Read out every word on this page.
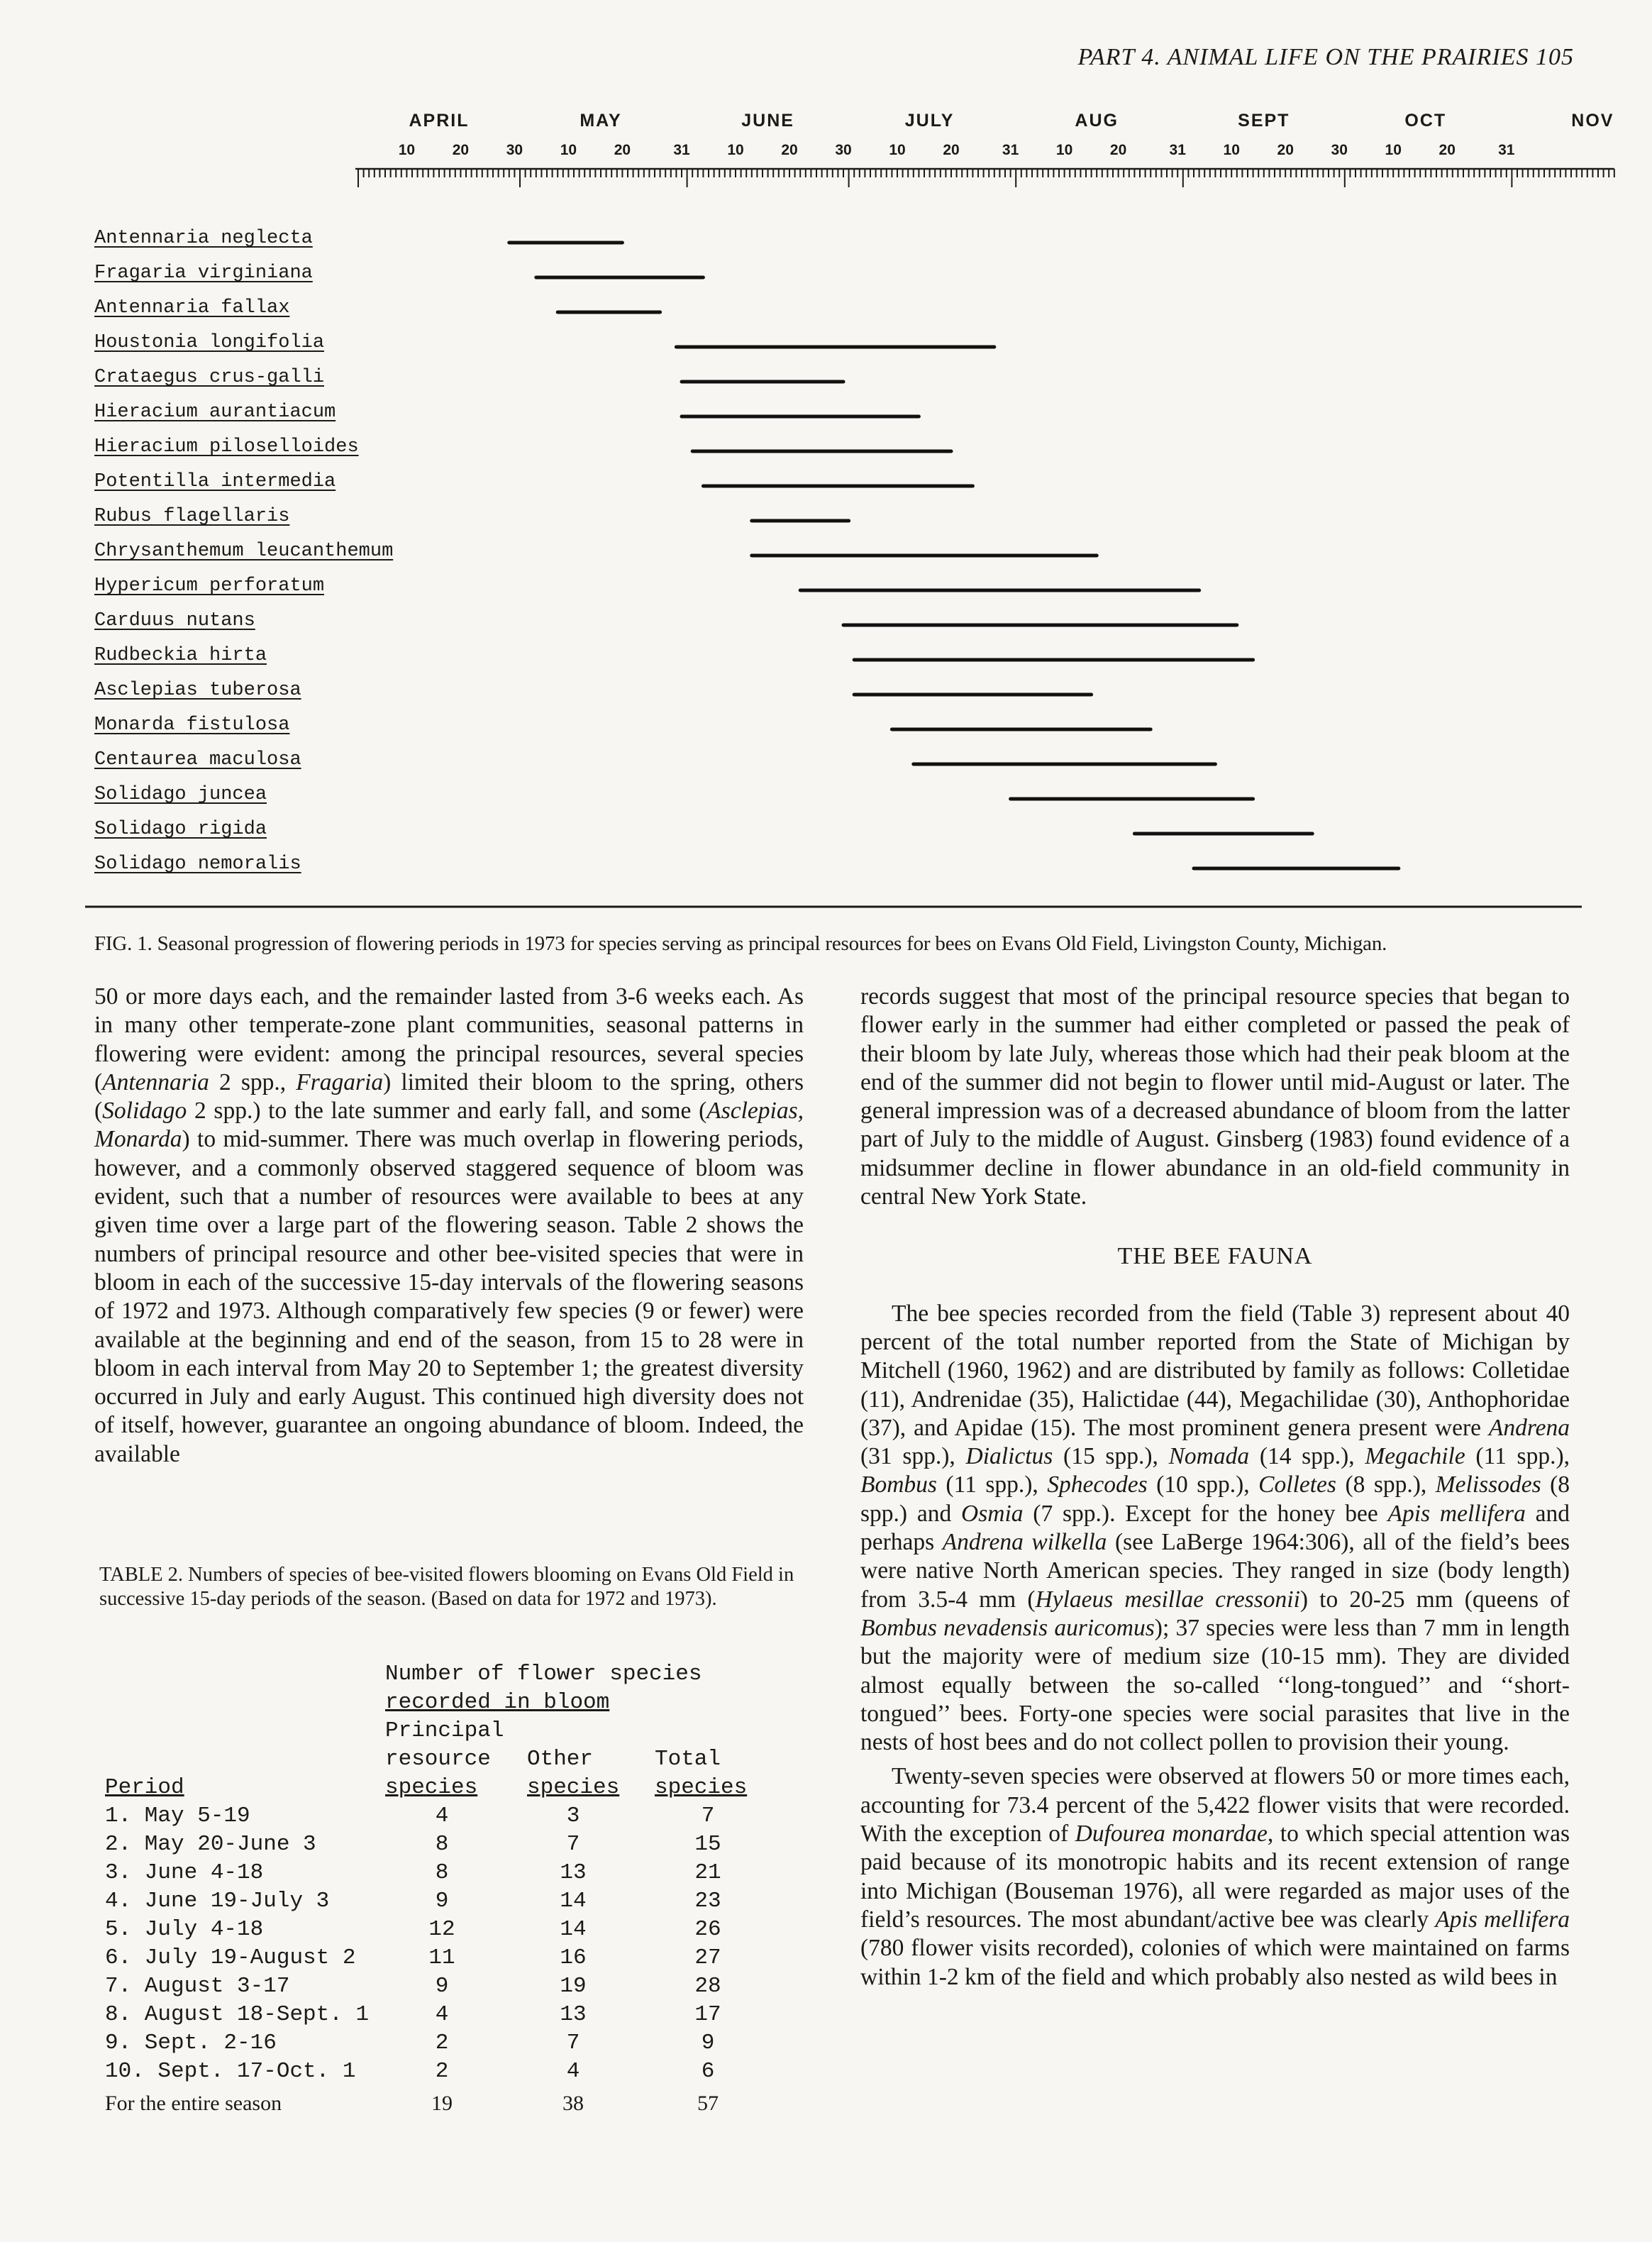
PART 4. ANIMAL LIFE ON THE PRAIRIES 105
APRIL	MAY	JUNE	JULY	AUG	SEPT	OCT	NOV
10	20	30	10	20	31	10	20	30	10	20	31	10	20	31	10	20	30	10	20	31
Antennaria neglecta
Fragaria virginiana
Antennaria fallax
Houstonia longifolia
Crataegus crus-galli
Hieracium aurantiacum
Hieracium piloselloides
Potentilla intermedia
Rubus flagellaris
Chrysanthemum leucanthemum
Hypericum perforatum
Carduus nutans
Rudbeckia hirta
Asclepias tuberosa
Monarda fistulosa
Centaurea maculosa
Solidago juncea
Solidago rigida
Solidago nemoralis
FIG. 1. Seasonal progression of flowering periods in 1973 for species serving as principal resources for bees on Evans Old Field, Livingston County, Michigan.

50 or more days each, and the remainder lasted from 3-6 weeks each. As in many other temperate-zone plant communities, seasonal patterns in flowering were evident: among the principal resources, several species (Antennaria 2 spp., Fragaria) limited their bloom to the spring, others (Solidago 2 spp.) to the late summer and early fall, and some (Asclepias, Monarda) to mid-summer. There was much overlap in flowering periods, however, and a commonly observed staggered sequence of bloom was evident, such that a number of resources were available to bees at any given time over a large part of the flowering season. Table 2 shows the numbers of principal resource and other bee-visited species that were in bloom in each of the successive 15-day intervals of the flowering seasons of 1972 and 1973. Although comparatively few species (9 or fewer) were available at the beginning and end of the season, from 15 to 28 were in bloom in each interval from May 20 to September 1; the greatest diversity occurred in July and early August. This continued high diversity does not of itself, however, guarantee an ongoing abundance of bloom. Indeed, the available

TABLE 2. Numbers of species of bee-visited flowers blooming on Evans Old Field in successive 15-day periods of the season. (Based on data for 1972 and 1973).
Number of flower species
recorded in bloom
Principal
resource
species
Other
species
Total
species
Period
1. May 5-19	4	3	7
2. May 20-June 3	8	7	15
3. June 4-18	8	13	21
4. June 19-July 3	9	14	23
5. July 4-18	12	14	26
6. July 19-August 2	11	16	27
7. August 3-17	9	19	28
8. August 18-Sept. 1	4	13	17
9. Sept. 2-16	2	7	9
10. Sept. 17-Oct. 1	2	4	6
For the entire season	19	38	57

records suggest that most of the principal resource species that began to flower early in the summer had either completed or passed the peak of their bloom by late July, whereas those which had their peak bloom at the end of the summer did not begin to flower until mid-August or later. The general impression was of a decreased abundance of bloom from the latter part of July to the middle of August. Ginsberg (1983) found evidence of a midsummer decline in flower abundance in an old-field community in central New York State.

THE BEE FAUNA

The bee species recorded from the field (Table 3) represent about 40 percent of the total number reported from the State of Michigan by Mitchell (1960, 1962) and are distributed by family as follows: Colletidae (11), Andrenidae (35), Halictidae (44), Megachilidae (30), Anthophoridae (37), and Apidae (15). The most prominent genera present were Andrena (31 spp.), Dialictus (15 spp.), Nomada (14 spp.), Megachile (11 spp.), Bombus (11 spp.), Sphecodes (10 spp.), Colletes (8 spp.), Melissodes (8 spp.) and Osmia (7 spp.). Except for the honey bee Apis mellifera and perhaps Andrena wilkella (see LaBerge 1964:306), all of the field’s bees were native North American species. They ranged in size (body length) from 3.5-4 mm (Hylaeus mesillae cressonii) to 20-25 mm (queens of Bombus nevadensis auricomus); 37 species were less than 7 mm in length but the majority were of medium size (10-15 mm). They are divided almost equally between the so-called ‘‘long-tongued’’ and ‘‘short-tongued’’ bees. Forty-one species were social parasites that live in the nests of host bees and do not collect pollen to provision their young.

Twenty-seven species were observed at flowers 50 or more times each, accounting for 73.4 percent of the 5,422 flower visits that were recorded. With the exception of Dufourea monardae, to which special attention was paid because of its monotropic habits and its recent extension of range into Michigan (Bouseman 1976), all were regarded as major uses of the field’s resources. The most abundant/active bee was clearly Apis mellifera (780 flower visits recorded), colonies of which were maintained on farms within 1-2 km of the field and which probably also nested as wild bees in
